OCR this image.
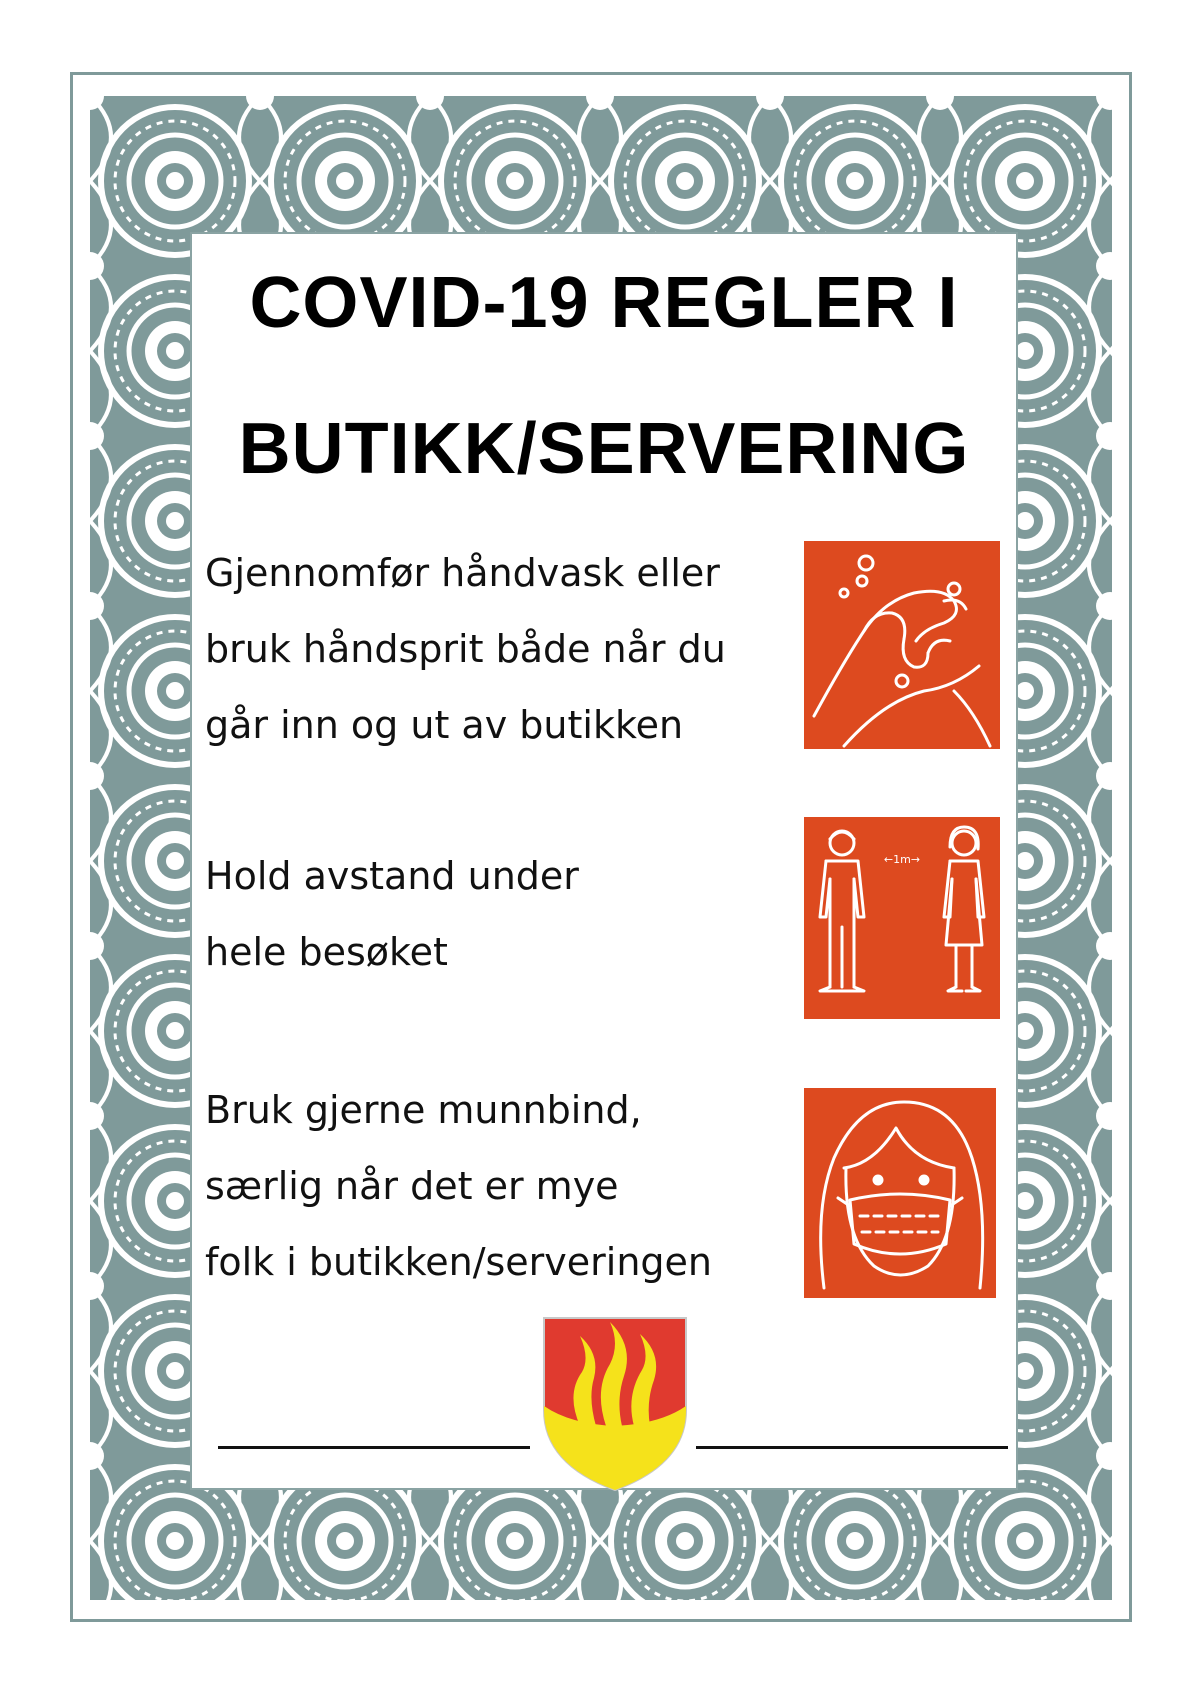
COVID-19 REGLER I
BUTIKK/SERVERING
Gjennomfør håndvask eller
bruk håndsprit både når du
går inn og ut av butikken
Hold avstand under
hele besøket
←1m→
Bruk gjerne munnbind,
særlig når det er mye
folk i butikken/serveringen
